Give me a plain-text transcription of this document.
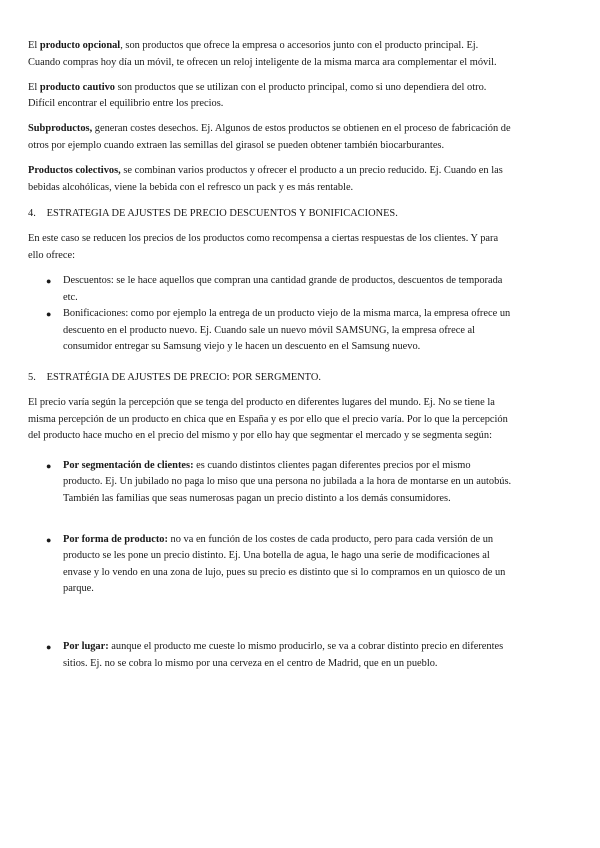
El producto opcional, son productos que ofrece la empresa o accesorios junto con el producto principal. Ej. Cuando compras hoy día un móvil, te ofrecen un reloj inteligente de la misma marca ara complementar el móvil.

El producto cautivo son productos que se utilizan con el producto principal, como si uno dependiera del otro. Difícil encontrar el equilibrio entre los precios.

Subproductos, generan costes desechos. Ej. Algunos de estos productos se obtienen en el proceso de fabricación de otros por ejemplo cuando extraen las semillas del girasol se pueden obtener también biocarburantes.

Productos colectivos, se combinan varios productos y ofrecer el producto a un precio reducido. Ej. Cuando en las bebidas alcohólicas, viene la bebida con el refresco un pack y es más rentable.

4. ESTRATEGIA DE AJUSTES DE PRECIO DESCUENTOS Y BONIFICACIONES.

En este caso se reducen los precios de los productos como recompensa a ciertas respuestas de los clientes. Y para ello ofrece:

● Descuentos: se le hace aquellos que compran una cantidad grande de productos, descuentos de temporada etc.
● Bonificaciones: como por ejemplo la entrega de un producto viejo de la misma marca, la empresa ofrece un descuento en el producto nuevo. Ej. Cuando sale un nuevo móvil SAMSUNG, la empresa ofrece al consumidor entregar su Samsung viejo y le hacen un descuento en el Samsung nuevo.
5. ESTRATÉGIA DE AJUSTES DE PRECIO: POR SERGMENTO.

El precio varía según la percepción que se tenga del producto en diferentes lugares del mundo. Ej. No se tiene la misma percepción de un producto en chica que en España y es por ello que el precio varía. Por lo que la percepción del producto hace mucho en el precio del mismo y por ello hay que segmentar el mercado y se segmenta según:

● Por segmentación de clientes: es cuando distintos clientes pagan diferentes precios por el mismo producto. Ej. Un jubilado no paga lo miso que una persona no jubilada a la hora de montarse en un autobús. También las familias que seas numerosas pagan un precio distinto a los demás consumidores.
● Por forma de producto: no va en función de los costes de cada producto, pero para cada versión de un producto se les pone un precio distinto. Ej. Una botella de agua, le hago una serie de modificaciones al envase y lo vendo en una zona de lujo, pues su precio es distinto que si lo compramos en un quiosco de un parque.
● Por lugar: aunque el producto me cueste lo mismo producirlo, se va a cobrar distinto precio en diferentes sitios. Ej. no se cobra lo mismo por una cerveza en el centro de Madrid, que en un pueblo.
